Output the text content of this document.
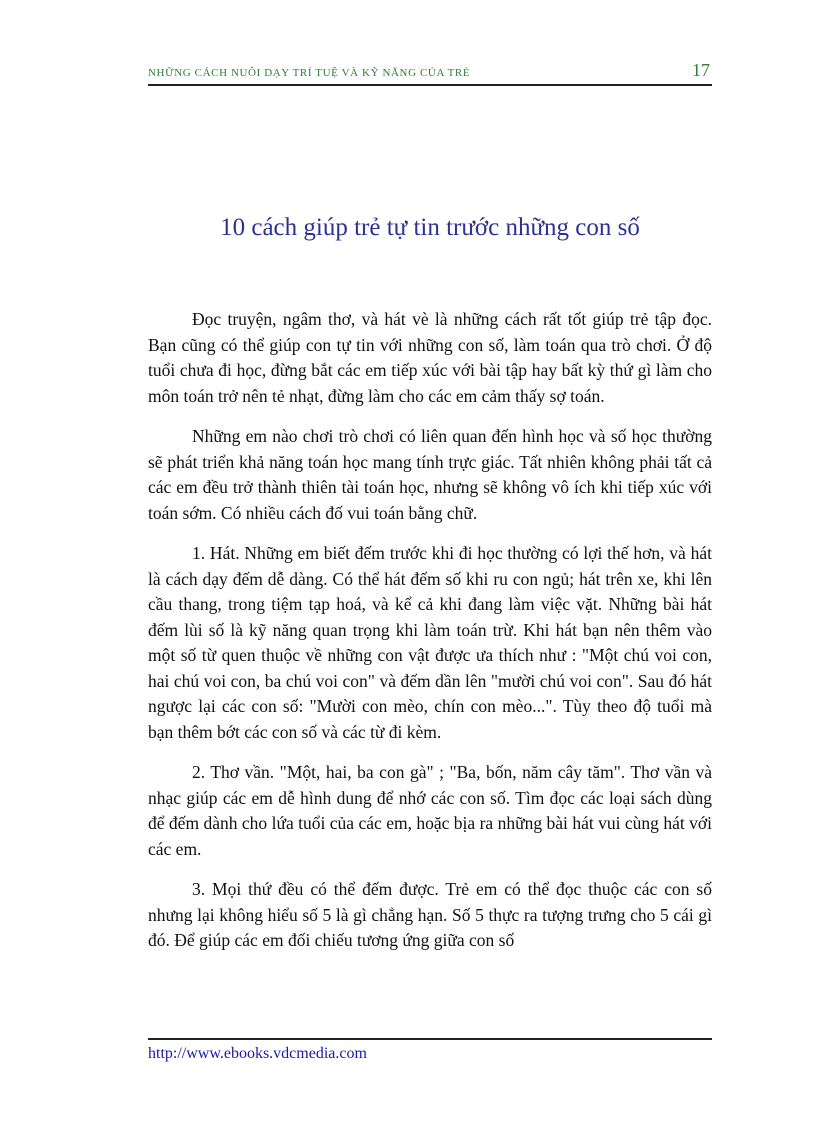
NHỮNG CÁCH NUÔI DẠY TRÍ TUỆ VÀ KỸ NĂNG CỦA TRẺ	17
10 cách giúp trẻ tự tin trước những con số

Đọc truyện, ngâm thơ, và hát vè là những cách rất tốt giúp trẻ tập đọc. Bạn cũng có thể giúp con tự tin với những con số, làm toán qua trò chơi. Ở độ tuổi chưa đi học, đừng bắt các em tiếp xúc với bài tập hay bất kỳ thứ gì làm cho môn toán trở nên tẻ nhạt, đừng làm cho các em cảm thấy sợ toán.

Những em nào chơi trò chơi có liên quan đến hình học và số học thường sẽ phát triển khả năng toán học mang tính trực giác. Tất nhiên không phải tất cả các em đều trở thành thiên tài toán học, nhưng sẽ không vô ích khi tiếp xúc với toán sớm. Có nhiều cách đố vui toán bằng chữ.

1. Hát. Những em biết đếm trước khi đi học thường có lợi thế hơn, và hát là cách dạy đếm dễ dàng. Có thể hát đếm số khi ru con ngủ; hát trên xe, khi lên cầu thang, trong tiệm tạp hoá, và kể cả khi đang làm việc vặt. Những bài hát đếm lùi số là kỹ năng quan trọng khi làm toán trừ. Khi hát bạn nên thêm vào một số từ quen thuộc về những con vật được ưa thích như : "Một chú voi con, hai chú voi con, ba chú voi con" và đếm dần lên "mười chú voi con". Sau đó hát ngược lại các con số: "Mười con mèo, chín con mèo...". Tùy theo độ tuổi mà bạn thêm bớt các con số và các từ đi kèm.

2. Thơ vần. "Một, hai, ba con gà" ; "Ba, bốn, năm cây tăm". Thơ vần và nhạc giúp các em dễ hình dung để nhớ các con số. Tìm đọc các loại sách dùng để đếm dành cho lứa tuổi của các em, hoặc bịa ra những bài hát vui cùng hát với các em.

3. Mọi thứ đều có thể đếm được. Trẻ em có thể đọc thuộc các con số nhưng lại không hiểu số 5 là gì chẳng hạn. Số 5 thực ra tượng trưng cho 5 cái gì đó. Để giúp các em đối chiếu tương ứng giữa con số

http://www.ebooks.vdcmedia.com
